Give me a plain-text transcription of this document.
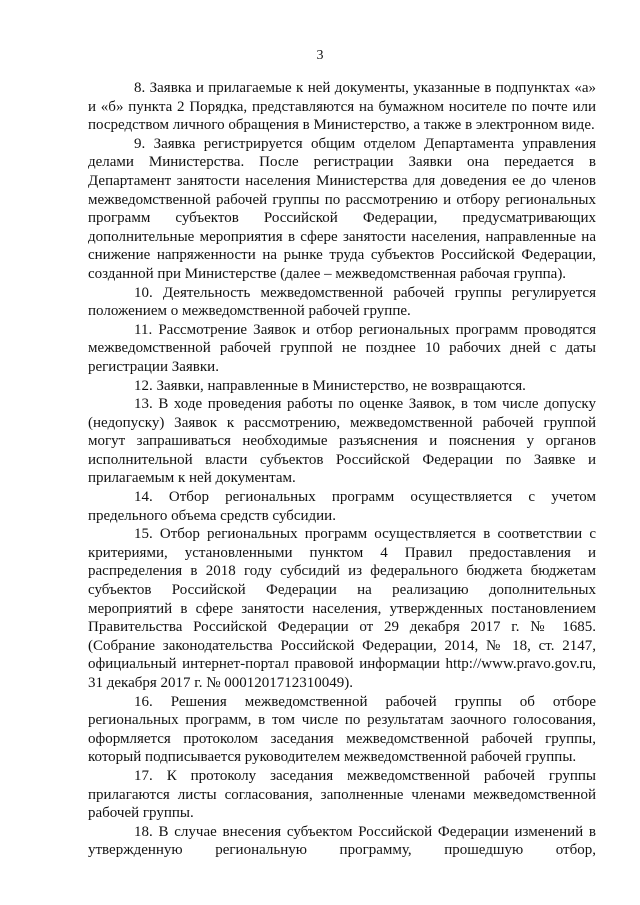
3

8. Заявка и прилагаемые к ней документы, указанные в подпунктах «а» и «б» пункта 2 Порядка, представляются на бумажном носителе по почте или посредством личного обращения в Министерство, а также в электронном виде.

9. Заявка регистрируется общим отделом Департамента управления делами Министерства. После регистрации Заявки она передается в Департамент занятости населения Министерства для доведения ее до членов межведомственной рабочей группы по рассмотрению и отбору региональных программ субъектов Российской Федерации, предусматривающих дополнительные мероприятия в сфере занятости населения, направленные на снижение напряженности на рынке труда субъектов Российской Федерации, созданной при Министерстве (далее – межведомственная рабочая группа).

10. Деятельность межведомственной рабочей группы регулируется положением о межведомственной рабочей группе.

11. Рассмотрение Заявок и отбор региональных программ проводятся межведомственной рабочей группой не позднее 10 рабочих дней с даты регистрации Заявки.

12. Заявки, направленные в Министерство, не возвращаются.

13. В ходе проведения работы по оценке Заявок, в том числе допуску (недопуску) Заявок к рассмотрению, межведомственной рабочей группой могут запрашиваться необходимые разъяснения и пояснения у органов исполнительной власти субъектов Российской Федерации по Заявке и прилагаемым к ней документам.

14. Отбор региональных программ осуществляется с учетом предельного объема средств субсидии.

15. Отбор региональных программ осуществляется в соответствии с критериями, установленными пунктом 4 Правил предоставления и распределения в 2018 году субсидий из федерального бюджета бюджетам субъектов Российской Федерации на реализацию дополнительных мероприятий в сфере занятости населения, утвержденных постановлением Правительства Российской Федерации от 29 декабря 2017 г. № 1685. (Собрание законодательства Российской Федерации, 2014, № 18, ст. 2147, официальный интернет-портал правовой информации http://www.pravo.gov.ru, 31 декабря 2017 г. № 0001201712310049).

16. Решения межведомственной рабочей группы об отборе региональных программ, в том числе по результатам заочного голосования, оформляется протоколом заседания межведомственной рабочей группы, который подписывается руководителем межведомственной рабочей группы.

17. К протоколу заседания межведомственной рабочей группы прилагаются листы согласования, заполненные членами межведомственной рабочей группы.

18. В случае внесения субъектом Российской Федерации изменений в утвержденную региональную программу, прошедшую отбор,
